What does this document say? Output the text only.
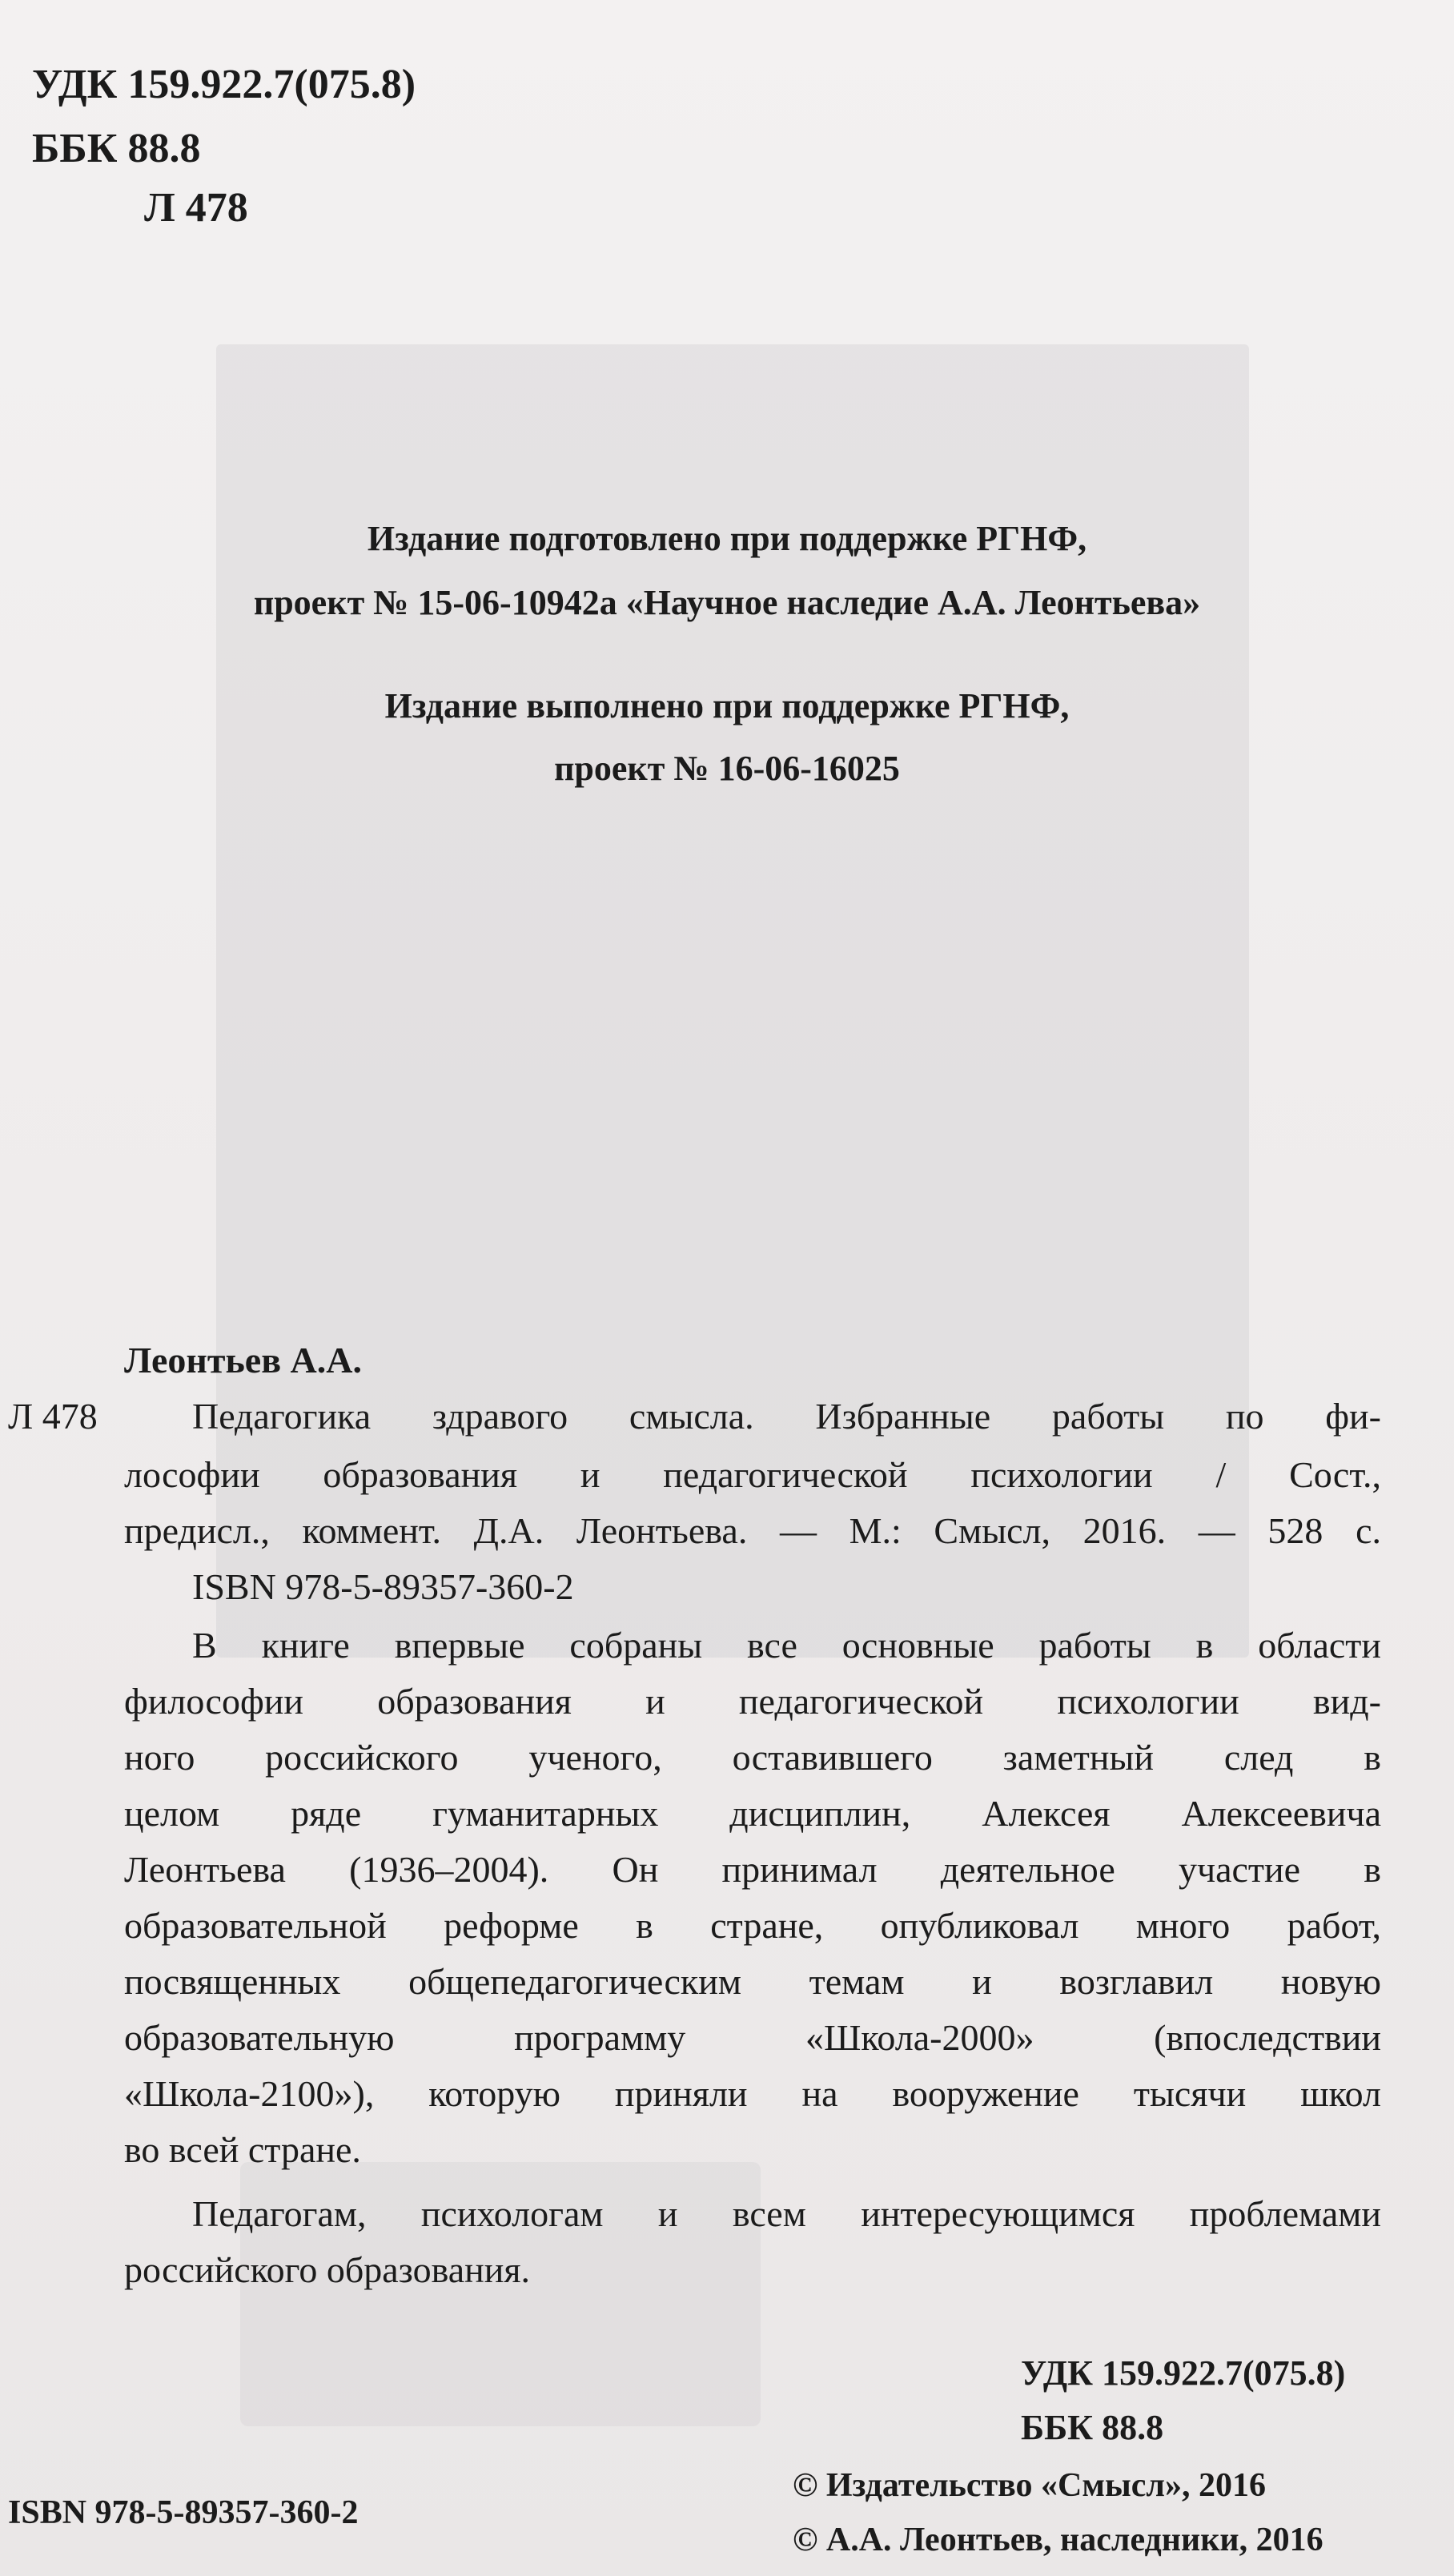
УДК 159.922.7(075.8)
ББК 88.8
Л 478
Издание подготовлено при поддержке РГНФ,
проект № 15-06-10942а «Научное наследие А.А. Леонтьева»
Издание выполнено при поддержке РГНФ,
проект № 16-06-16025
Леонтьев А.А.
Л 478	Педагогика здравого смысла. Избранные работы по фи-
лософии образования и педагогической психологии / Сост.,
предисл., коммент. Д.А. Леонтьева. — М.: Смысл, 2016. — 528 с.
ISBN 978-5-89357-360-2
В книге впервые собраны все основные работы в области
философии образования и педагогической психологии вид-
ного российского ученого, оставившего заметный след в
целом ряде гуманитарных дисциплин, Алексея Алексеевича
Леонтьева (1936–2004). Он принимал деятельное участие в
образовательной реформе в стране, опубликовал много работ,
посвященных общепедагогическим темам и возглавил новую
образовательную программу «Школа-2000» (впоследствии
«Школа-2100»), которую приняли на вооружение тысячи школ
во всей стране.
Педагогам, психологам и всем интересующимся проблемами
российского образования.
УДК 159.922.7(075.8)
ББК 88.8
ISBN 978-5-89357-360-2
© Издательство «Смысл», 2016
© А.А. Леонтьев, наследники, 2016
